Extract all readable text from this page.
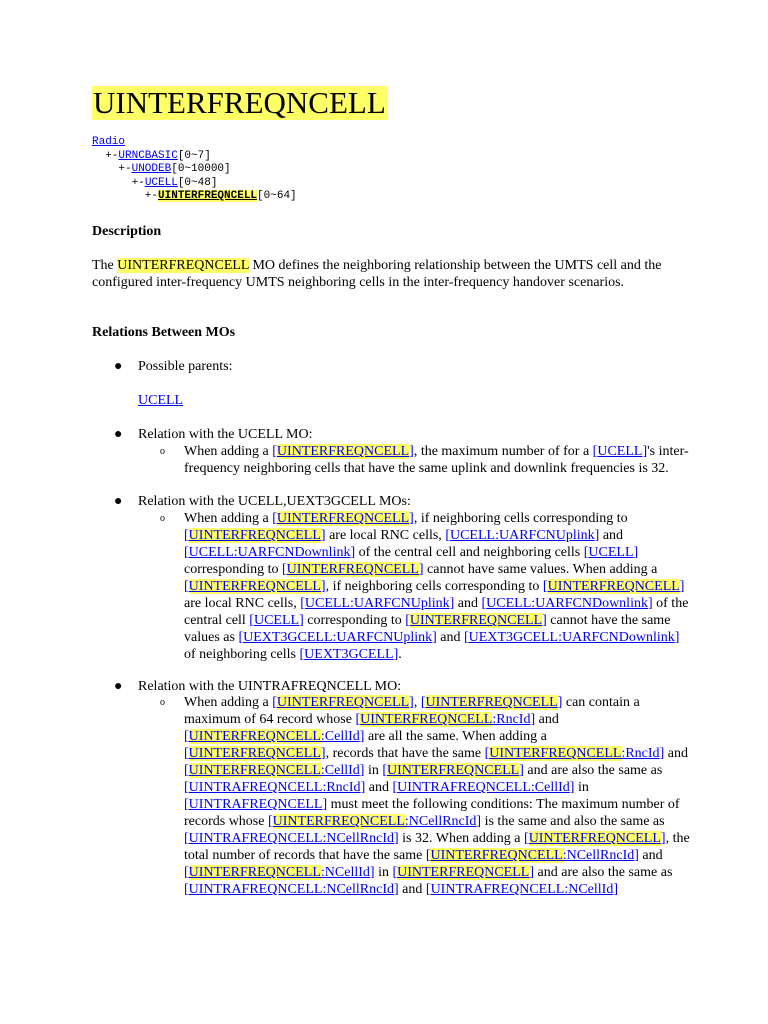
UINTERFREQNCELL
Radio
+-URNCBASIC[0~7]
+-UNODEB[0~10000]
+-UCELL[0~48]
+-UINTERFREQNCELL[0~64]
Description
The UINTERFREQNCELL MO defines the neighboring relationship between the UMTS cell and the configured inter-frequency UMTS neighboring cells in the inter-frequency handover scenarios.
Relations Between MOs
● Possible parents:
UCELL
● Relation with the UCELL MO:
o When adding a [UINTERFREQNCELL], the maximum number of for a [UCELL]'s inter-frequency neighboring cells that have the same uplink and downlink frequencies is 32.
● Relation with the UCELL,UEXT3GCELL MOs:
o When adding a [UINTERFREQNCELL], if neighboring cells corresponding to [UINTERFREQNCELL] are local RNC cells, [UCELL:UARFCNUplink] and [UCELL:UARFCNDownlink] of the central cell and neighboring cells [UCELL] corresponding to [UINTERFREQNCELL] cannot have same values. When adding a [UINTERFREQNCELL], if neighboring cells corresponding to [UINTERFREQNCELL] are local RNC cells, [UCELL:UARFCNUplink] and [UCELL:UARFCNDownlink] of the central cell [UCELL] corresponding to [UINTERFREQNCELL] cannot have the same values as [UEXT3GCELL:UARFCNUplink] and [UEXT3GCELL:UARFCNDownlink] of neighboring cells [UEXT3GCELL].
● Relation with the UINTRAFREQNCELL MO:
o When adding a [UINTERFREQNCELL], [UINTERFREQNCELL] can contain a maximum of 64 record whose [UINTERFREQNCELL:RncId] and [UINTERFREQNCELL:CellId] are all the same. When adding a [UINTERFREQNCELL], records that have the same [UINTERFREQNCELL:RncId] and [UINTERFREQNCELL:CellId] in [UINTERFREQNCELL] and are also the same as [UINTRAFREQNCELL:RncId] and [UINTRAFREQNCELL:CellId] in [UINTRAFREQNCELL] must meet the following conditions: The maximum number of records whose [UINTERFREQNCELL:NCellRncId] is the same and also the same as [UINTRAFREQNCELL:NCellRncId] is 32. When adding a [UINTERFREQNCELL], the total number of records that have the same [UINTERFREQNCELL:NCellRncId] and [UINTERFREQNCELL:NCellId] in [UINTERFREQNCELL] and are also the same as [UINTRAFREQNCELL:NCellRncId] and [UINTRAFREQNCELL:NCellId]
